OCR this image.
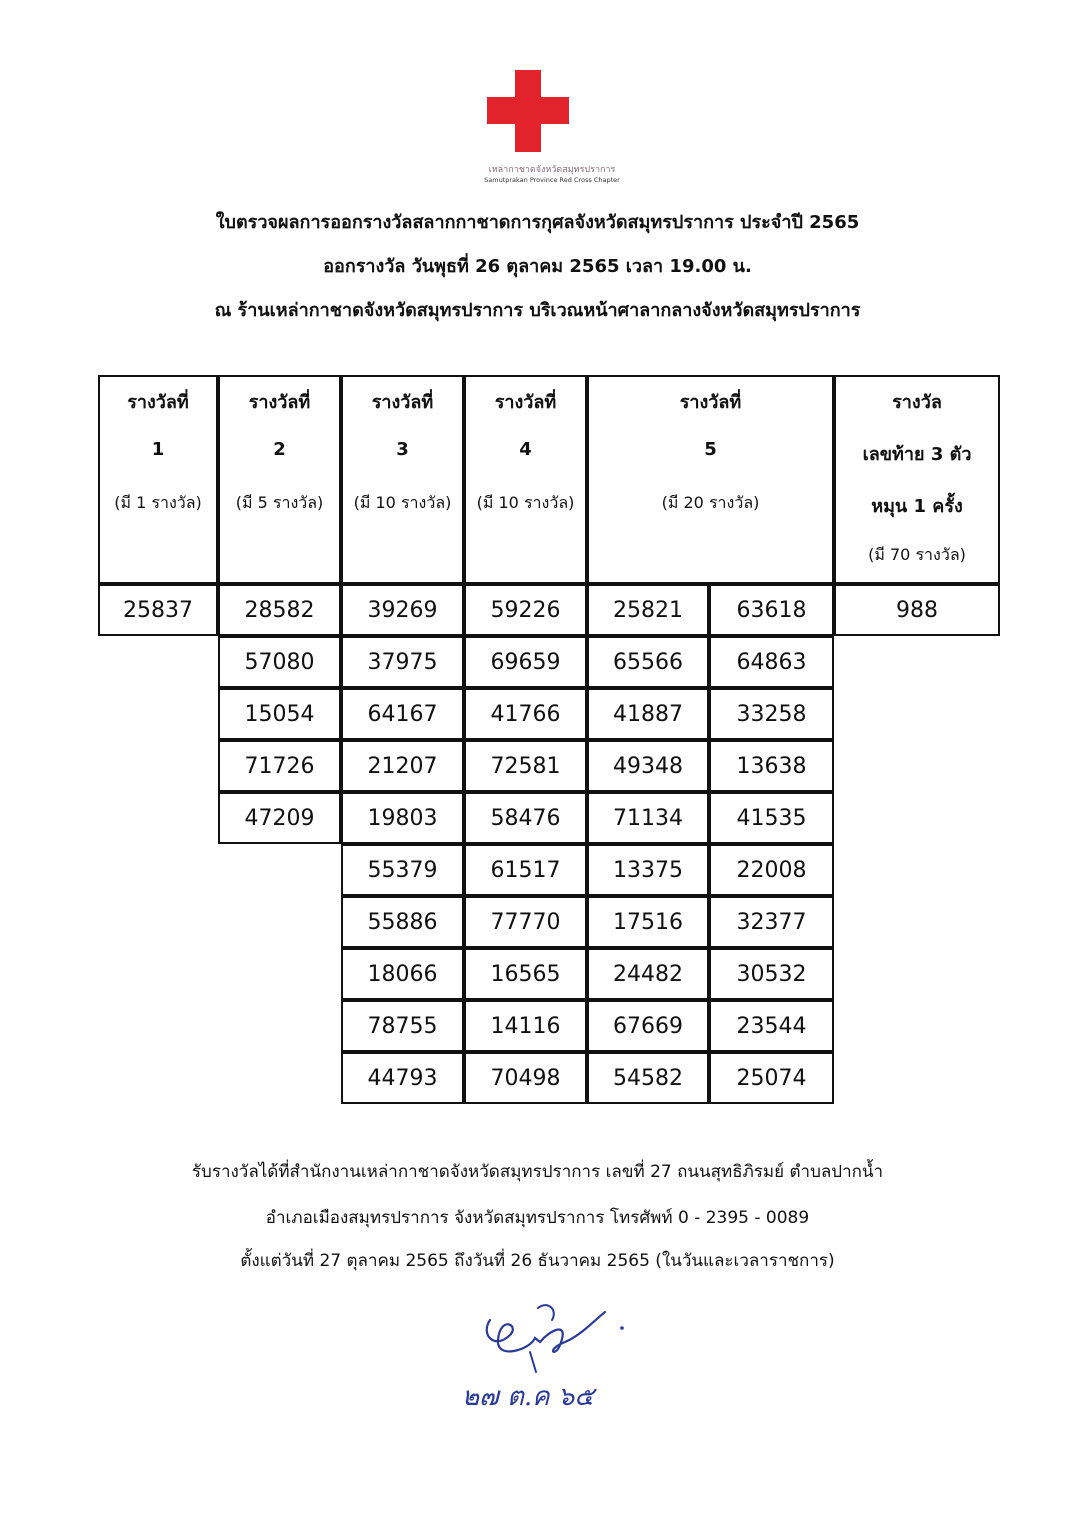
เหล่ากาชาดจังหวัดสมุทรปราการ
Samutprakan Province Red Cross Chapter
ใบตรวจผลการออกรางวัลสลากกาชาดการกุศลจังหวัดสมุทรปราการ ประจำปี 2565
ออกรางวัล วันพุธที่ 26 ตุลาคม 2565 เวลา 19.00 น.
ณ ร้านเหล่ากาชาดจังหวัดสมุทรปราการ บริเวณหน้าศาลากลางจังหวัดสมุทรปราการ
รางวัลที่
1
(มี 1 รางวัล)
รางวัลที่
2
(มี 5 รางวัล)
รางวัลที่
3
(มี 10 รางวัล)
รางวัลที่
4
(มี 10 รางวัล)
รางวัลที่
5
(มี 20 รางวัล)
รางวัล
เลขท้าย 3 ตัว
หมุน 1 ครั้ง
(มี 70 รางวัล)
25837	28582
57080
15054
71726
47209
39269
37975
64167
21207
19803
55379
55886
18066
78755
44793
59226
69659
41766
72581
58476
61517
77770
16565
14116
70498
25821
65566
41887
49348
71134
13375
17516
24482
67669
54582
63618
64863
33258
13638
41535
22008
32377
30532
23544
25074
988
รับรางวัลได้ที่สำนักงานเหล่ากาชาดจังหวัดสมุทรปราการ เลขที่ 27 ถนนสุทธิภิรมย์ ตำบลปากน้ำ
อำเภอเมืองสมุทรปราการ จังหวัดสมุทรปราการ โทรศัพท์ 0 - 2395 - 0089
ตั้งแต่วันที่ 27 ตุลาคม 2565 ถึงวันที่ 26 ธันวาคม 2565 (ในวันและเวลาราชการ)
๒๗ ต.ค ๖๕
